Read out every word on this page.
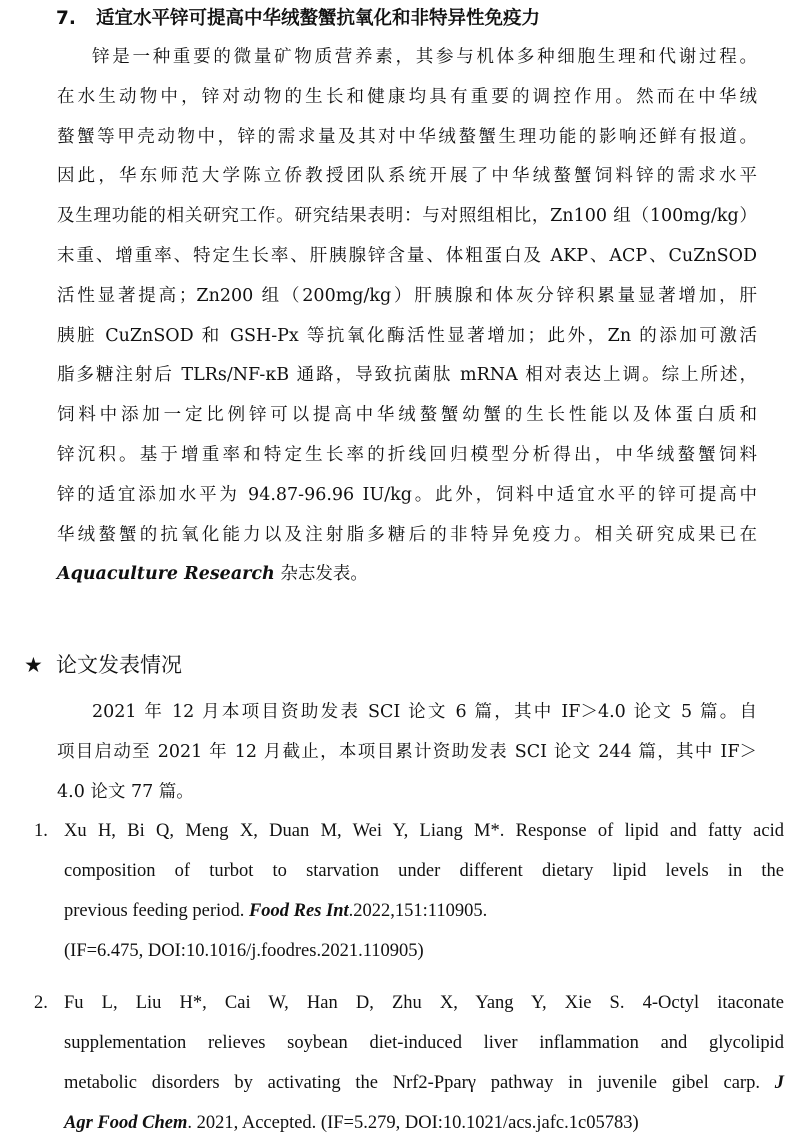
7. 适宜水平锌可提高中华绒螯蟹抗氧化和非特异性免疫力
锌是一种重要的微量矿物质营养素，其参与机体多种细胞生理和代谢过程。
在水生动物中，锌对动物的生长和健康均具有重要的调控作用。然而在中华绒
螯蟹等甲壳动物中，锌的需求量及其对中华绒螯蟹生理功能的影响还鲜有报道。
因此，华东师范大学陈立侨教授团队系统开展了中华绒螯蟹饲料锌的需求水平
及生理功能的相关研究工作。研究结果表明：与对照组相比，Zn100 组（100mg/kg）
末重、增重率、特定生长率、肝胰腺锌含量、体粗蛋白及 AKP、ACP、CuZnSOD
活性显著提高；Zn200 组（200mg/kg）肝胰腺和体灰分锌积累量显著增加，肝
胰脏 CuZnSOD 和 GSH-Px 等抗氧化酶活性显著增加；此外，Zn 的添加可激活
脂多糖注射后 TLRs/NF-κB 通路，导致抗菌肽 mRNA 相对表达上调。综上所述，
饲料中添加一定比例锌可以提高中华绒螯蟹幼蟹的生长性能以及体蛋白质和
锌沉积。基于增重率和特定生长率的折线回归模型分析得出，中华绒螯蟹饲料
锌的适宜添加水平为 94.87-96.96 IU/kg。此外，饲料中适宜水平的锌可提高中
华绒螯蟹的抗氧化能力以及注射脂多糖后的非特异免疫力。相关研究成果已在
Aquaculture Research 杂志发表。
★ 论文发表情况
2021 年 12 月本项目资助发表 SCI 论文 6 篇，其中 IF＞4.0 论文 5 篇。自
项目启动至 2021 年 12 月截止，本项目累计资助发表 SCI 论文 244 篇，其中 IF＞
4.0 论文 77 篇。
1. Xu H, Bi Q, Meng X, Duan M, Wei Y, Liang M*. Response of lipid and fatty acid
composition of turbot to starvation under different dietary lipid levels in the
previous feeding period. Food Res Int.2022,151:110905.
(IF=6.475, DOI:10.1016/j.foodres.2021.110905)
2. Fu L, Liu H*, Cai W, Han D, Zhu X, Yang Y, Xie S. 4-Octyl itaconate
supplementation relieves soybean diet-induced liver inflammation and glycolipid
metabolic disorders by activating the Nrf2-Pparγ pathway in juvenile gibel carp. J
Agr Food Chem. 2021, Accepted. (IF=5.279, DOI:10.1021/acs.jafc.1c05783)
